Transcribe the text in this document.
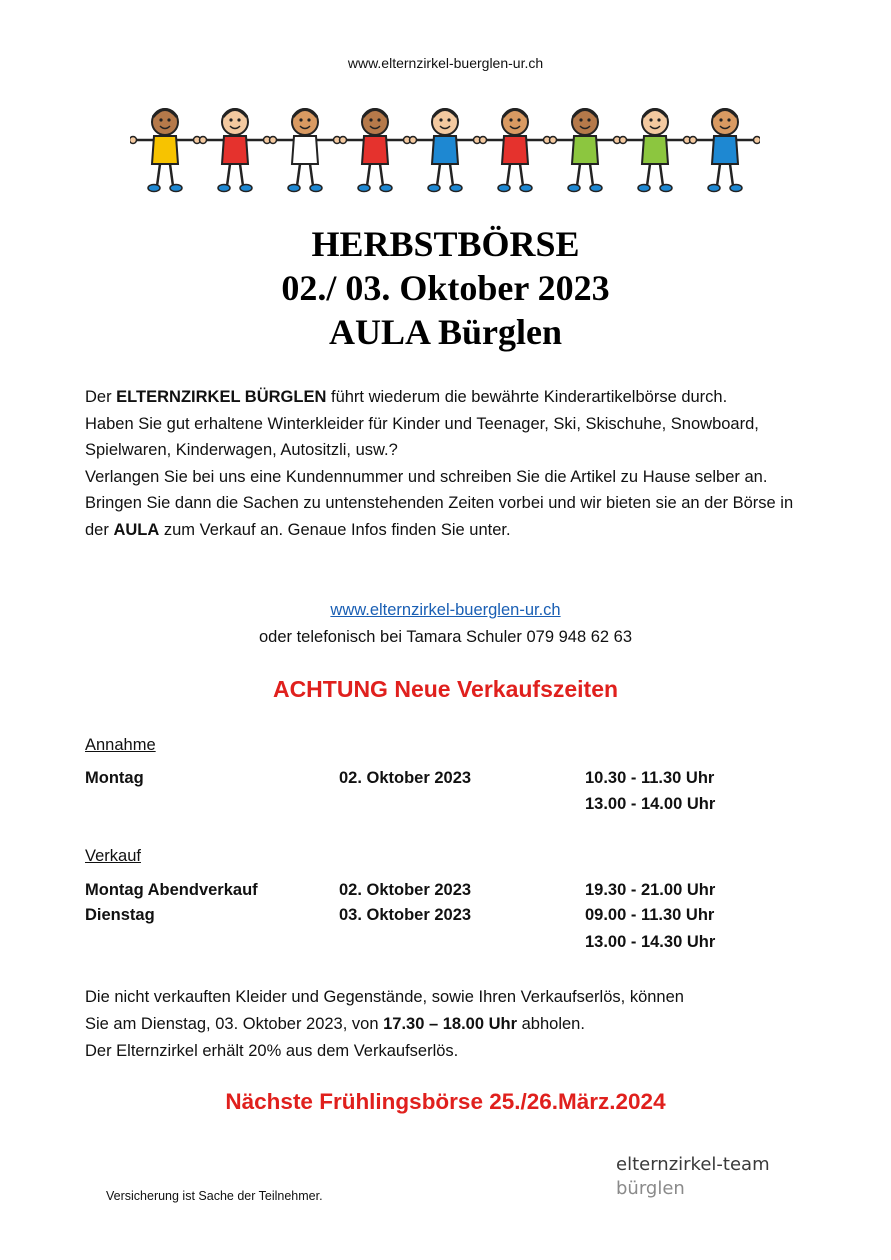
www.elternzirkel-buerglen-ur.ch
HERBSTBÖRSE
02./ 03. Oktober 2023
AULA Bürglen

Der ELTERNZIRKEL BÜRGLEN führt wiederum die bewährte Kinderartikelbörse durch.

Haben Sie gut erhaltene Winterkleider für Kinder und Teenager, Ski, Skischuhe, Snowboard, Spielwaren, Kinderwagen, Autositzli, usw.?

Verlangen Sie bei uns eine Kundennummer und schreiben Sie die Artikel zu Hause selber an. Bringen Sie dann die Sachen zu untenstehenden Zeiten vorbei und wir bieten sie an der Börse in der AULA zum Verkauf an. Genaue Infos finden Sie unter.

www.elternzirkel-buerglen-ur.ch
oder telefonisch bei Tamara Schuler 079 948 62 63
ACHTUNG Neue Verkaufszeiten
Annahme
Montag	02. Oktober 2023	10.30 - 11.30 Uhr
13.00 - 14.00 Uhr
Verkauf
Montag Abendverkauf	02. Oktober 2023	19.30 - 21.00 Uhr
Dienstag	03. Oktober 2023	09.00 - 11.30 Uhr
13.00 - 14.30 Uhr

Die nicht verkauften Kleider und Gegenstände, sowie Ihren Verkaufserlös, können

Sie am Dienstag, 03. Oktober 2023, von 17.30 – 18.00 Uhr abholen.

Der Elternzirkel erhält 20% aus dem Verkaufserlös.

Nächste Frühlingsbörse 25./26.März.2024
Versicherung ist Sache der Teilnehmer.
elternzirkel-team
bürglen
